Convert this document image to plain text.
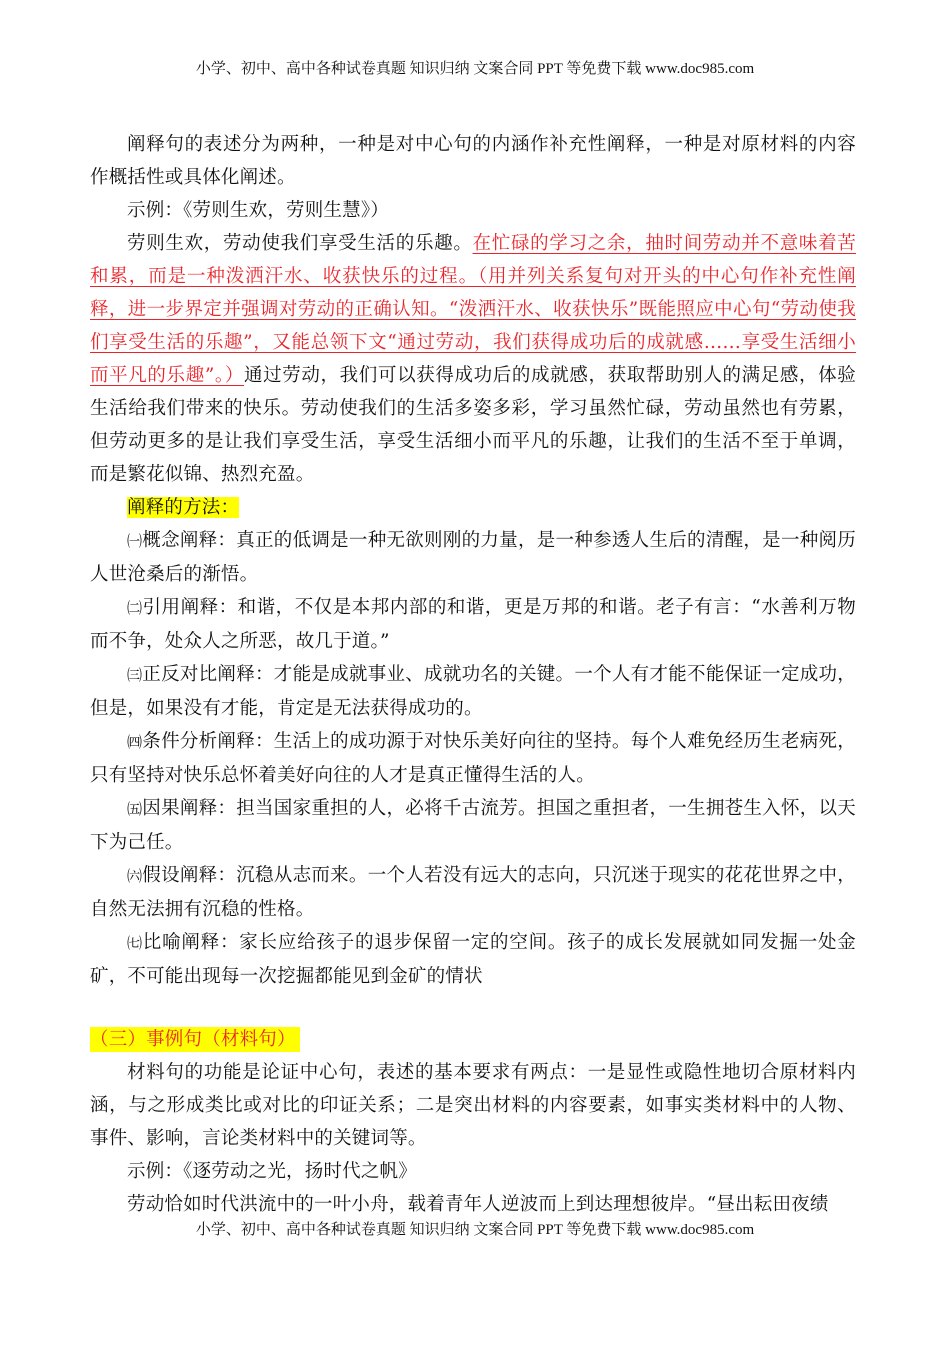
小学、初中、高中各种试卷真题 知识归纳 文案合同 PPT 等免费下载 www.doc985.com

阐释句的表述分为两种，一种是对中心句的内涵作补充性阐释，一种是对原材料的内容作概括性或具体化阐述。

示例：《劳则生欢，劳则生慧》）

劳则生欢，劳动使我们享受生活的乐趣。在忙碌的学习之余，抽时间劳动并不意味着苦和累，而是一种泼洒汗水、收获快乐的过程。（用并列关系复句对开头的中心句作补充性阐释，进一步界定并强调对劳动的正确认知。“泼洒汗水、收获快乐”既能照应中心句“劳动使我们享受生活的乐趣”，又能总领下文“通过劳动，我们获得成功后的成就感……享受生活细小而平凡的乐趣”。）通过劳动，我们可以获得成功后的成就感，获取帮助别人的满足感，体验生活给我们带来的快乐。劳动使我们的生活多姿多彩，学习虽然忙碌，劳动虽然也有劳累，但劳动更多的是让我们享受生活，享受生活细小而平凡的乐趣，让我们的生活不至于单调，而是繁花似锦、热烈充盈。

阐释的方法：

㈠概念阐释：真正的低调是一种无欲则刚的力量，是一种参透人生后的清醒，是一种阅历人世沧桑后的渐悟。

㈡引用阐释：和谐，不仅是本邦内部的和谐，更是万邦的和谐。老子有言：“水善利万物而不争，处众人之所恶，故几于道。”

㈢正反对比阐释：才能是成就事业、成就功名的关键。一个人有才能不能保证一定成功，但是，如果没有才能，肯定是无法获得成功的。

㈣条件分析阐释：生活上的成功源于对快乐美好向往的坚持。每个人难免经历生老病死，只有坚持对快乐总怀着美好向往的人才是真正懂得生活的人。

㈤因果阐释：担当国家重担的人，必将千古流芳。担国之重担者，一生拥苍生入怀，以天下为己任。

㈥假设阐释：沉稳从志而来。一个人若没有远大的志向，只沉迷于现实的花花世界之中，自然无法拥有沉稳的性格。

㈦比喻阐释：家长应给孩子的退步保留一定的空间。孩子的成长发展就如同发掘一处金矿，不可能出现每一次挖掘都能见到金矿的情状

（三）事例句（材料句）

材料句的功能是论证中心句，表述的基本要求有两点：一是显性或隐性地切合原材料内涵，与之形成类比或对比的印证关系；二是突出材料的内容要素，如事实类材料中的人物、事件、影响，言论类材料中的关键词等。

示例：《逐劳动之光，扬时代之帆》

劳动恰如时代洪流中的一叶小舟，载着青年人逆波而上到达理想彼岸。“昼出耘田夜绩

小学、初中、高中各种试卷真题 知识归纳 文案合同 PPT 等免费下载 www.doc985.com
